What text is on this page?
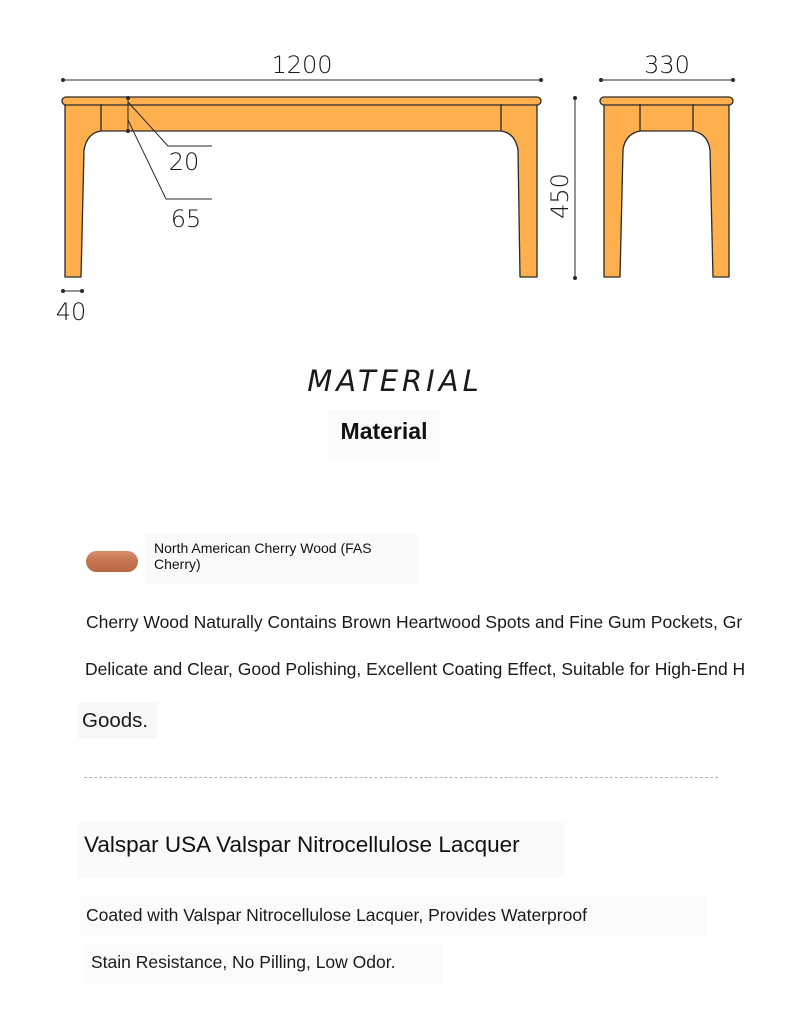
1200	330
450
20
65
40
MATERIAL
Material
North American Cherry Wood (FAS Cherry)
Cherry Wood Naturally Contains Brown Heartwood Spots and Fine Gum Pockets, Gr
Delicate and Clear, Good Polishing, Excellent Coating Effect, Suitable for High-End H
Goods.
Valspar USA Valspar Nitrocellulose Lacquer
Coated with Valspar Nitrocellulose Lacquer, Provides Waterproof
Stain Resistance, No Pilling, Low Odor.
